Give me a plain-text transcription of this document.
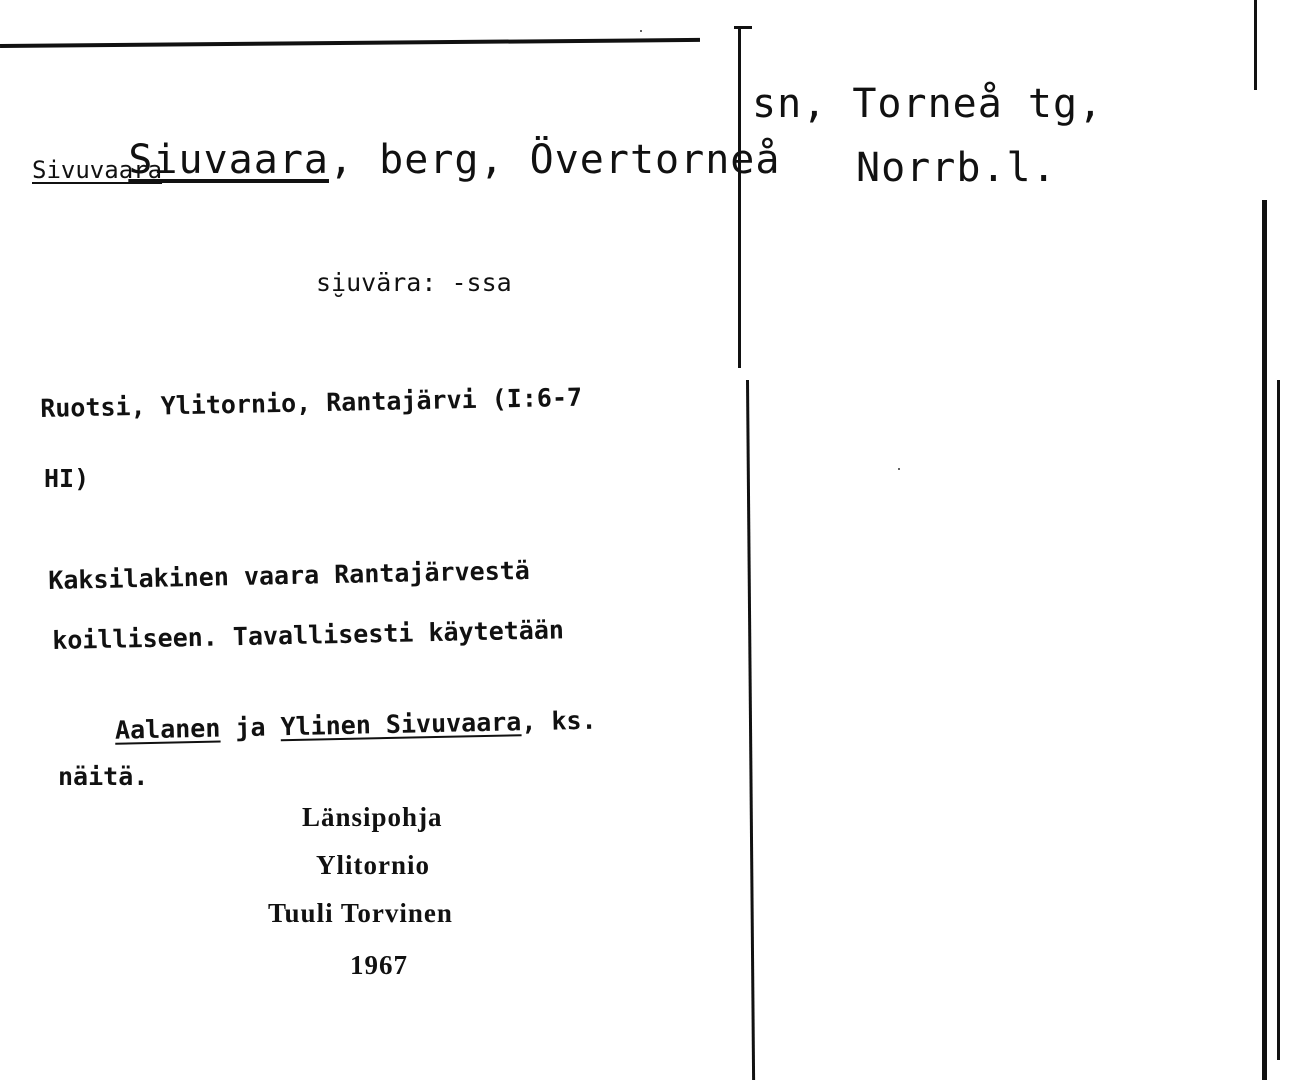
Siuvaara, berg, Övertorneå

sn, Torneå tg,
Norrb.l.
Sivuvaara
si̮uvära: -ssa
Ruotsi, Ylitornio, Rantajärvi (I:6-7
HI)
Kaksilakinen vaara Rantajärvestä
koilliseen. Tavallisesti käytetään

Aalanen ja Ylinen Sivuvaara, ks.

näitä.
Länsipohja
Ylitornio
Tuuli Torvinen
1967
